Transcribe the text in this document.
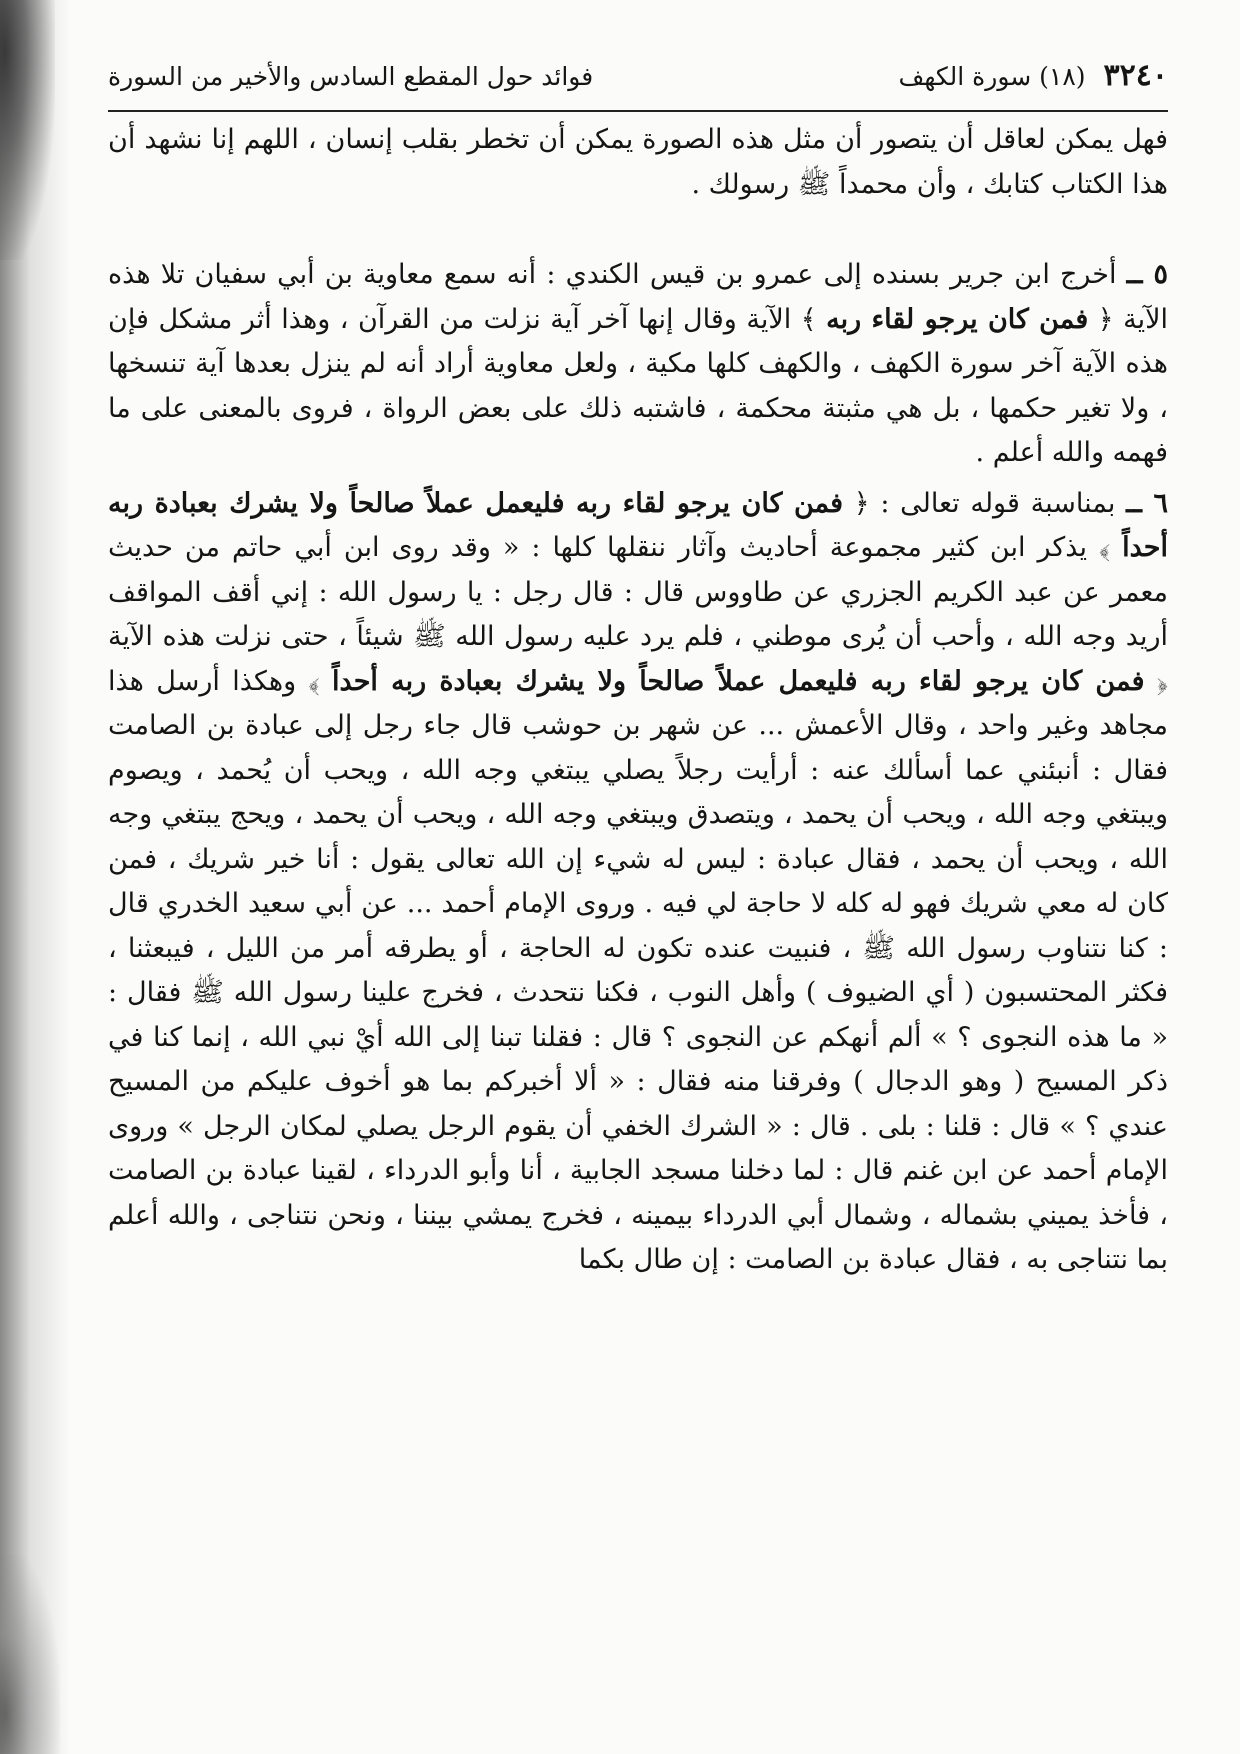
٣٢٤٠
(١٨) سورة الكهف
فوائد حول المقطع السادس والأخير من السورة

فهل يمكن لعاقل أن يتصور أن مثل هذه الصورة يمكن أن تخطر بقلب إنسان ، اللهم إنا نشهد أن هذا الكتاب كتابك ، وأن محمداً ﷺ رسولك .

٥ ــ أخرج ابن جرير بسنده إلى عمرو بن قيس الكندي : أنه سمع معاوية بن أبي سفيان تلا هذه الآية ﴿ فمن كان يرجو لقاء ربه ﴾ الآية وقال إنها آخر آية نزلت من القرآن ، وهذا أثر مشكل فإن هذه الآية آخر سورة الكهف ، والكهف كلها مكية ، ولعل معاوية أراد أنه لم ينزل بعدها آية تنسخها ، ولا تغير حكمها ، بل هي مثبتة محكمة ، فاشتبه ذلك على بعض الرواة ، فروى بالمعنى على ما فهمه والله أعلم .

٦ ــ بمناسبة قوله تعالى : ﴿ فمن كان يرجو لقاء ربه فليعمل عملاً صالحاً ولا يشرك بعبادة ربه أحداً ﴾ يذكر ابن كثير مجموعة أحاديث وآثار ننقلها كلها : « وقد روى ابن أبي حاتم من حديث معمر عن عبد الكريم الجزري عن طاووس قال : قال رجل : يا رسول الله : إني أقف المواقف أريد وجه الله ، وأحب أن يُرى موطني ، فلم يرد عليه رسول الله ﷺ شيئاً ، حتى نزلت هذه الآية ﴿ فمن كان يرجو لقاء ربه فليعمل عملاً صالحاً ولا يشرك بعبادة ربه أحداً ﴾ وهكذا أرسل هذا مجاهد وغير واحد ، وقال الأعمش ... عن شهر بن حوشب قال جاء رجل إلى عبادة بن الصامت فقال : أنبئني عما أسألك عنه : أرأيت رجلاً يصلي يبتغي وجه الله ، ويحب أن يُحمد ، ويصوم ويبتغي وجه الله ، ويحب أن يحمد ، ويتصدق ويبتغي وجه الله ، ويحب أن يحمد ، ويحج يبتغي وجه الله ، ويحب أن يحمد ، فقال عبادة : ليس له شيء إن الله تعالى يقول : أنا خير شريك ، فمن كان له معي شريك فهو له كله لا حاجة لي فيه . وروى الإمام أحمد ... عن أبي سعيد الخدري قال : كنا نتناوب رسول الله ﷺ ، فنبيت عنده تكون له الحاجة ، أو يطرقه أمر من الليل ، فيبعثنا ، فكثر المحتسبون ( أي الضيوف ) وأهل النوب ، فكنا نتحدث ، فخرج علينا رسول الله ﷺ فقال : « ما هذه النجوى ؟ » ألم أنهكم عن النجوى ؟ قال : فقلنا تبنا إلى الله أيْ نبي الله ، إنما كنا في ذكر المسيح ( وهو الدجال ) وفرقنا منه فقال : « ألا أخبركم بما هو أخوف عليكم من المسيح عندي ؟ » قال : قلنا : بلى . قال : « الشرك الخفي أن يقوم الرجل يصلي لمكان الرجل » وروى الإمام أحمد عن ابن غنم قال : لما دخلنا مسجد الجابية ، أنا وأبو الدرداء ، لقينا عبادة بن الصامت ، فأخذ يميني بشماله ، وشمال أبي الدرداء بيمينه ، فخرج يمشي بيننا ، ونحن نتناجى ، والله أعلم بما نتناجى به ، فقال عبادة بن الصامت : إن طال بكما
